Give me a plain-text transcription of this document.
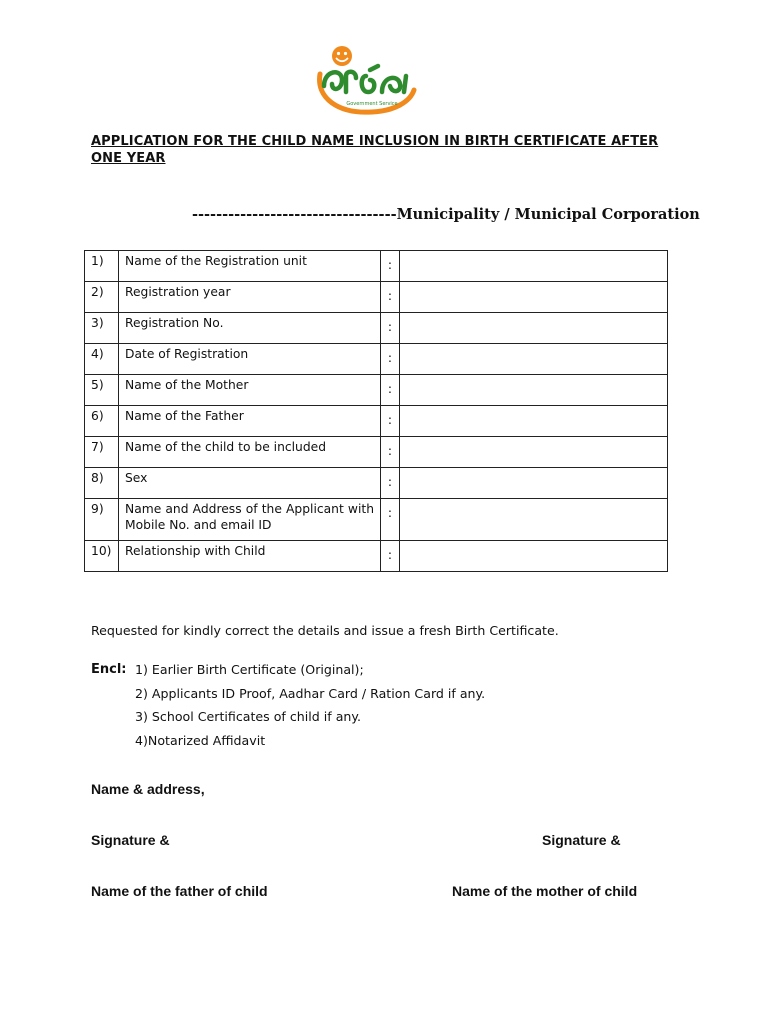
Government Service
APPLICATION FOR THE CHILD NAME INCLUSION IN BIRTH CERTIFICATE AFTER ONE YEAR
----------------------------------Municipality / Municipal Corporation
1)	Name of the Registration unit	:	
2)	Registration year	:	
3)	Registration No.	:	
4)	Date of Registration	:	
5)	Name of the Mother	:	
6)	Name of the Father	:	
7)	Name of the child to be included	:	
8)	Sex	:	
9)	Name and Address of the Applicant with Mobile No. and email ID	:	
10)	Relationship with Child	:	
Requested for kindly correct the details and issue a fresh Birth Certificate.
Encl: 1) Earlier Birth Certificate (Original);
2) Applicants ID Proof, Aadhar Card / Ration Card if any.
3) School Certificates of child if any.
4)Notarized Affidavit
Name & address,
Signature &	Signature &
Name of the father of child	Name of the mother of child
